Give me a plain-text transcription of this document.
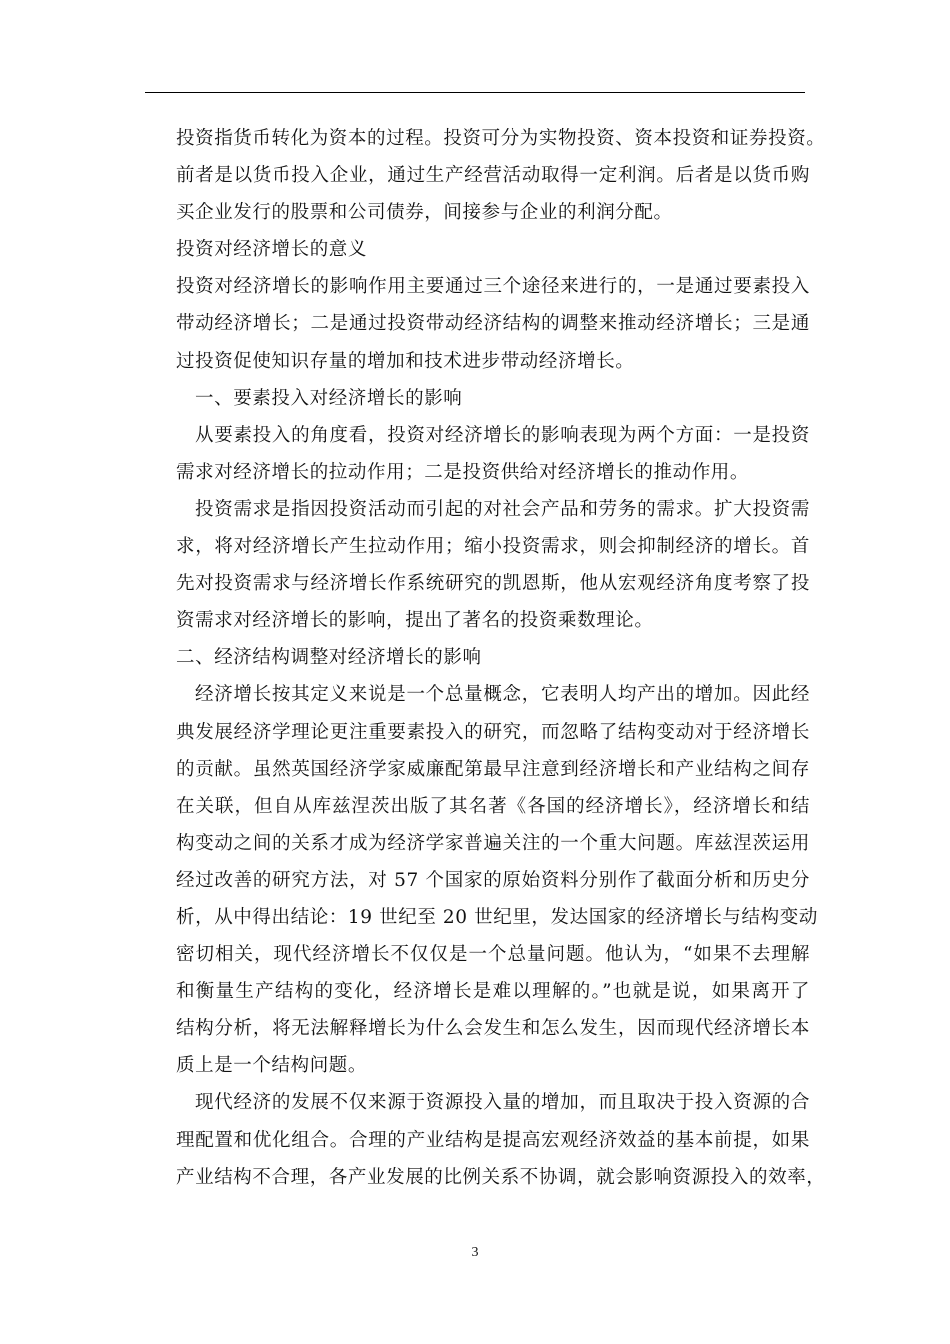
投资指货币转化为资本的过程。投资可分为实物投资、资本投资和证券投资。
前者是以货币投入企业，通过生产经营活动取得一定利润。后者是以货币购
买企业发行的股票和公司债券，间接参与企业的利润分配。
投资对经济增长的意义
投资对经济增长的影响作用主要通过三个途径来进行的，一是通过要素投入
带动经济增长；二是通过投资带动经济结构的调整来推动经济增长；三是通
过投资促使知识存量的增加和技术进步带动经济增长。
一、要素投入对经济增长的影响
从要素投入的角度看，投资对经济增长的影响表现为两个方面：一是投资
需求对经济增长的拉动作用；二是投资供给对经济增长的推动作用。
投资需求是指因投资活动而引起的对社会产品和劳务的需求。扩大投资需
求，将对经济增长产生拉动作用；缩小投资需求，则会抑制经济的增长。首
先对投资需求与经济增长作系统研究的凯恩斯，他从宏观经济角度考察了投
资需求对经济增长的影响，提出了著名的投资乘数理论。
二、经济结构调整对经济增长的影响
经济增长按其定义来说是一个总量概念，它表明人均产出的增加。因此经
典发展经济学理论更注重要素投入的研究，而忽略了结构变动对于经济增长
的贡献。虽然英国经济学家威廉配第最早注意到经济增长和产业结构之间存
在关联，但自从库兹涅茨出版了其名著《各国的经济增长》，经济增长和结
构变动之间的关系才成为经济学家普遍关注的一个重大问题。库兹涅茨运用
经过改善的研究方法，对 57 个国家的原始资料分别作了截面分析和历史分
析，从中得出结论：19 世纪至 20 世纪里，发达国家的经济增长与结构变动
密切相关，现代经济增长不仅仅是一个总量问题。他认为，“如果不去理解
和衡量生产结构的变化，经济增长是难以理解的。”也就是说，如果离开了
结构分析，将无法解释增长为什么会发生和怎么发生，因而现代经济增长本
质上是一个结构问题。
现代经济的发展不仅来源于资源投入量的增加，而且取决于投入资源的合
理配置和优化组合。合理的产业结构是提高宏观经济效益的基本前提，如果
产业结构不合理，各产业发展的比例关系不协调，就会影响资源投入的效率，
3
